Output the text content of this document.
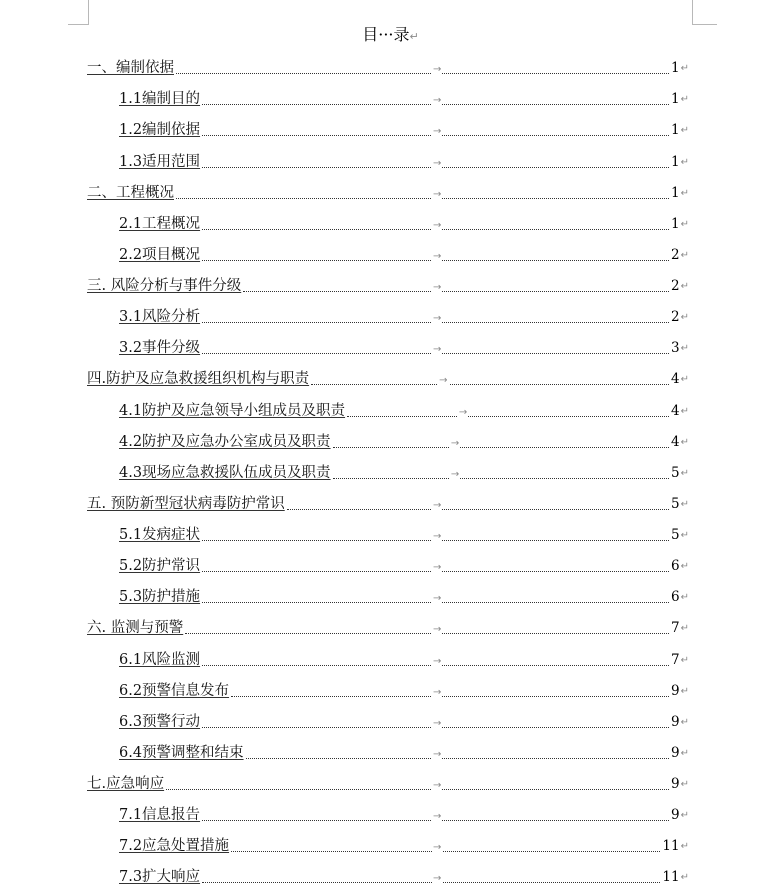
目···录↵
一、编制依据	→	1 ↵
1.1编制目的	→	1 ↵
1.2编制依据	→	1 ↵
1.3适用范围	→	1 ↵
二、工程概况	→	1 ↵
2.1工程概况	→	1 ↵
2.2项目概况	→	2 ↵
三. 风险分析与事件分级	→	2 ↵
3.1风险分析	→	2 ↵
3.2事件分级	→	3 ↵
四.防护及应急救援组织机构与职责	→	4 ↵
4.1防护及应急领导小组成员及职责	→	4 ↵
4.2防护及应急办公室成员及职责	→	4 ↵
4.3现场应急救援队伍成员及职责	→	5 ↵
五. 预防新型冠状病毒防护常识	→	5 ↵
5.1发病症状	→	5 ↵
5.2防护常识	→	6 ↵
5.3防护措施	→	6 ↵
六. 监测与预警	→	7 ↵
6.1风险监测	→	7 ↵
6.2预警信息发布	→	9 ↵
6.3预警行动	→	9 ↵
6.4预警调整和结束	→	9 ↵
七.应急响应	→	9 ↵
7.1信息报告	→	9 ↵
7.2应急处置措施	→	11 ↵
7.3扩大响应	→	11 ↵
